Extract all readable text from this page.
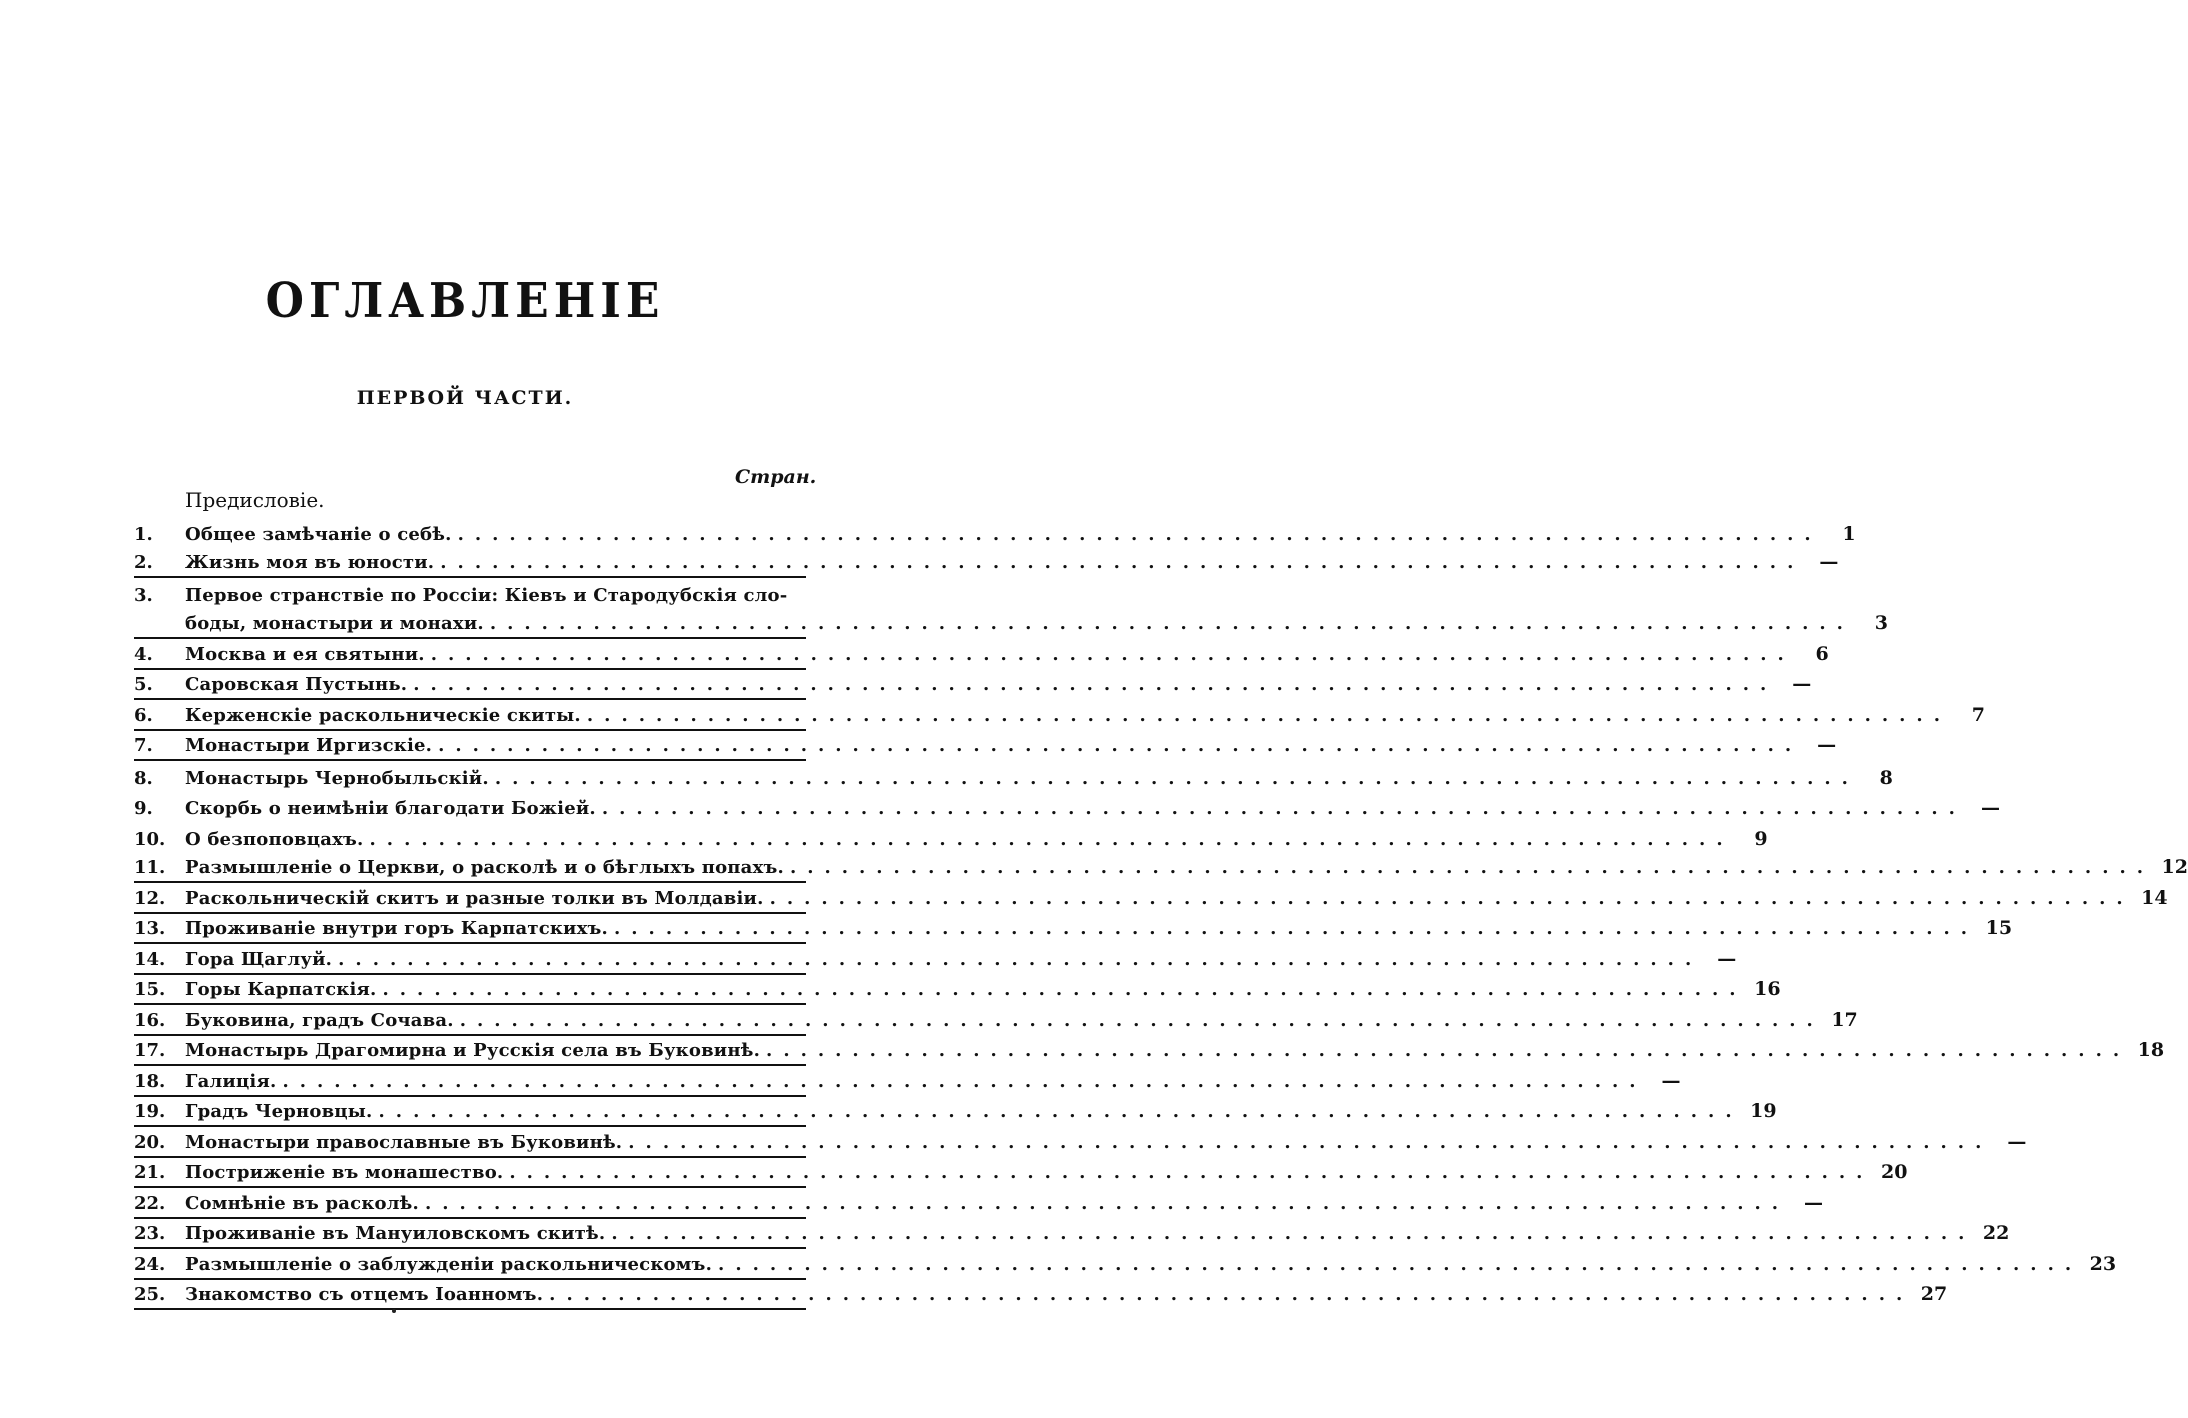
ОГЛАВЛЕНІЕ
ПЕРВОЙ ЧАСТИ.
Стран.
Предисловіе.
1.	Общее замѣчаніе о себѣ. .....	1
2.	Жизнь моя въ юности. .....	—
3.	Первое странствіе по Россіи: Кіевъ и Стародубскія сло-
боды, монастыри и монахи. .....	3
4.	Москва и ея святыни. .....	6
5.	Саровская Пустынь. .....	—
6.	Керженскіе раскольническіе скиты. .....	7
7.	Монастыри Иргизскіе. .....	—
8.	Монастырь Чернобыльскій. .....	8
9.	Скорбь о неимѣніи благодати Божіей. .....	—
10.	О безпоповцахъ. .....	9
11.	Размышленіе о Церкви, о расколѣ и о бѣглыхъ попахъ. .....	12
12.	Раскольническій скитъ и разные толки въ Молдавіи. .....	14
13.	Проживаніе внутри горъ Карпатскихъ. .....	15
14.	Гора Щаглуй. .....	—
15.	Горы Карпатскія. .....	16
16.	Буковина, градъ Сочава. .....	17
17.	Монастырь Драгомирна и Русскія села въ Буковинѣ. .....	18
18.	Галиція. .....	—
19.	Градъ Черновцы. .....	19
20.	Монастыри православные въ Буковинѣ. .....	—
21.	Постриженіе въ монашество. .....	20
22.	Сомнѣніе въ расколѣ. .....	—
23.	Проживаніе въ Мануиловскомъ скитѣ. .....	22
24.	Размышленіе о заблужденіи раскольническомъ. .....	23
25.	Знакомство съ отцемъ Іоанномъ. .....	27
